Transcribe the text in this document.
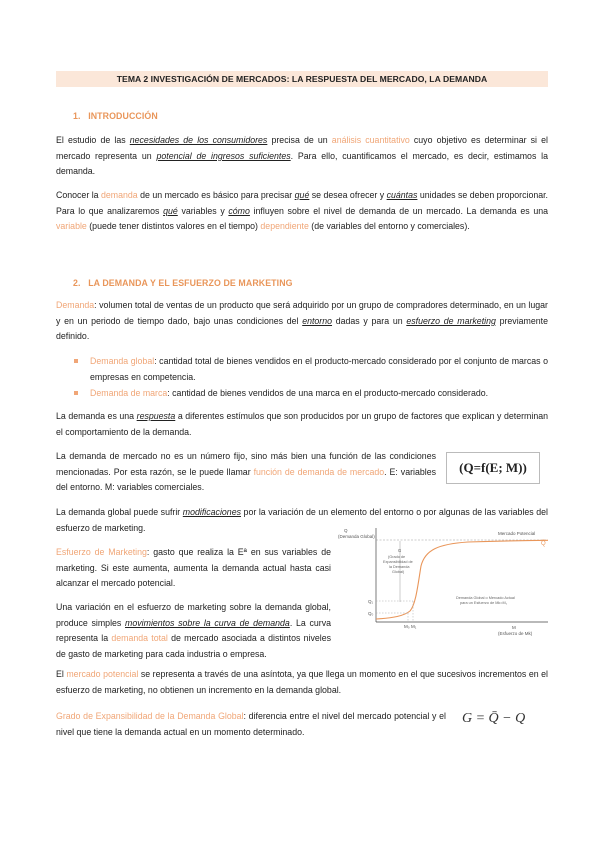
TEMA 2 INVESTIGACIÓN DE MERCADOS: LA RESPUESTA DEL MERCADO, LA DEMANDA
1. INTRODUCCIÓN
El estudio de las necesidades de los consumidores precisa de un análisis cuantitativo cuyo objetivo es determinar si el mercado representa un potencial de ingresos suficientes. Para ello, cuantificamos el mercado, es decir, estimamos la demanda.
Conocer la demanda de un mercado es básico para precisar qué se desea ofrecer y cuántas unidades se deben proporcionar. Para lo que analizaremos qué variables y cómo influyen sobre el nivel de demanda de un mercado. La demanda es una variable (puede tener distintos valores en el tiempo) dependiente (de variables del entorno y comerciales).
2. LA DEMANDA Y EL ESFUERZO DE MARKETING
Demanda: volumen total de ventas de un producto que será adquirido por un grupo de compradores determinado, en un lugar y en un periodo de tiempo dado, bajo unas condiciones del entorno dadas y para un esfuerzo de marketing previamente definido.
Demanda global: cantidad total de bienes vendidos en el producto-mercado considerado por el conjunto de marcas o empresas en competencia.
Demanda de marca: cantidad de bienes vendidos de una marca en el producto-mercado considerado.
La demanda es una respuesta a diferentes estímulos que son producidos por un grupo de factores que explican y determinan el comportamiento de la demanda.
La demanda de mercado no es un número fijo, sino más bien una función de las condiciones mencionadas. Por esta razón, se le puede llamar función de demanda de mercado. E: variables del entorno. M: variables comerciales.
(Q=f(E; M))
La demanda global puede sufrir modificaciones por la variación de un elemento del entorno o por algunas de las variables del esfuerzo de marketing.
Esfuerzo de Marketing: gasto que realiza la Eª en sus variables de marketing. Si este aumenta, aumenta la demanda actual hasta casi alcanzar el mercado potencial.
Una variación en el esfuerzo de marketing sobre la demanda global, produce simples movimientos sobre la curva de demanda. La curva representa la demanda total de mercado asociada a distintos niveles de gasto de marketing para cada industria o empresa.
El mercado potencial se representa a través de una asíntota, ya que llega un momento en el que sucesivos incrementos en el esfuerzo de marketing, no obtienen un incremento en la demanda global.
Grado de Expansibilidad de la Demanda Global: diferencia entre el nivel del mercado potencial y el nivel que tiene la demanda actual en un momento determinado.
G = Q̄ − Q
Q
(Demanda Global)
Mercado Potencial
Q̄
G
(Grado de
Expansibilidad de
la Demanda
Global)
Demanda Global o Mercado Actual
para un Esfuerzo de Mk=M₁
Q₁
Q₀
M₀ M₁	M
(Esfuerzo de Mk)
